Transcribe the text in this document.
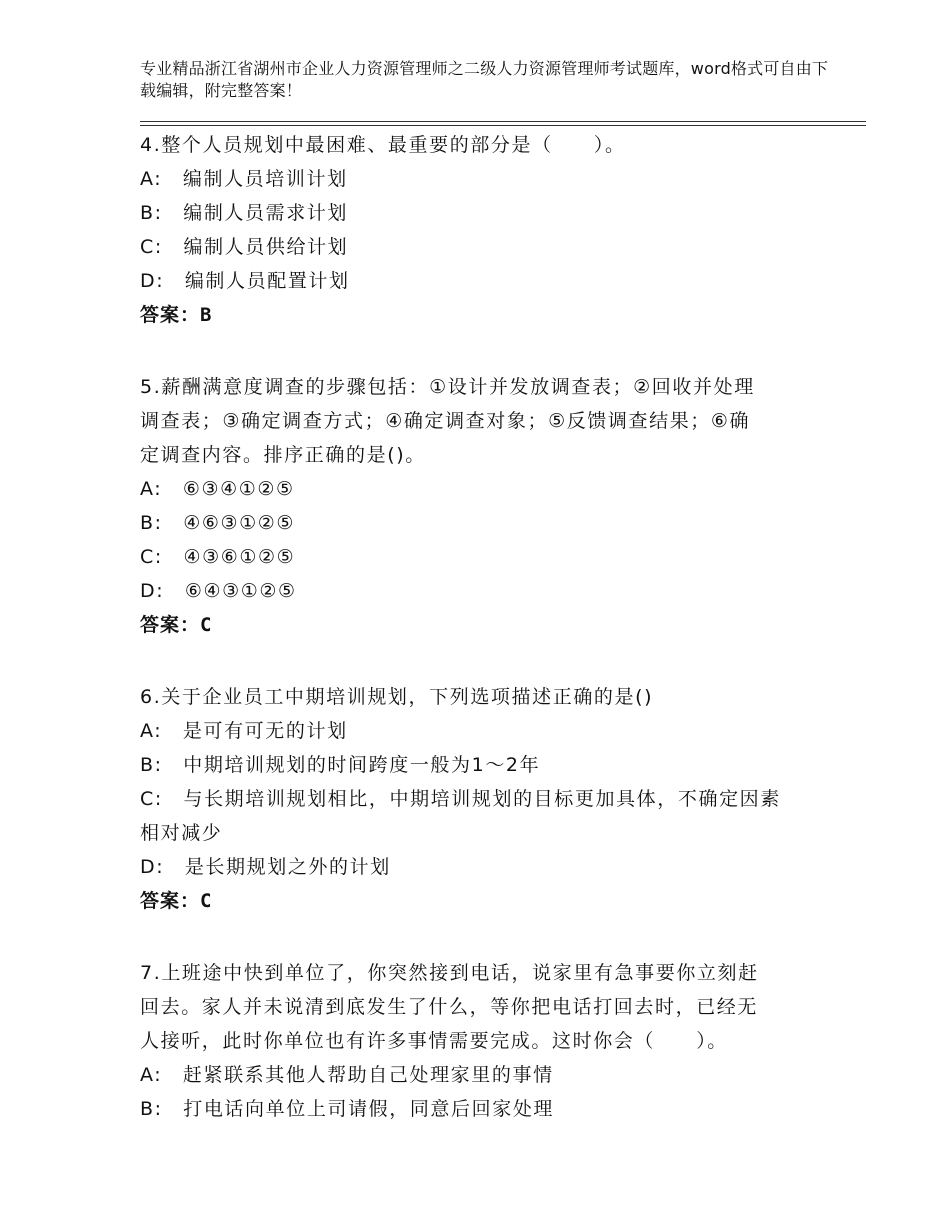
专业精品浙江省湖州市企业人力资源管理师之二级人力资源管理师考试题库，word格式可自由下载编辑，附完整答案！
4.整个人员规划中最困难、最重要的部分是（　　）。
A:　编制人员培训计划
B:　编制人员需求计划
C:　编制人员供给计划
D:　编制人员配置计划
答案：B
5.薪酬满意度调查的步骤包括：①设计并发放调查表；②回收并处理
调查表；③确定调查方式；④确定调查对象；⑤反馈调查结果；⑥确
定调查内容。排序正确的是()。
A:　⑥③④①②⑤
B:　④⑥③①②⑤
C:　④③⑥①②⑤
D:　⑥④③①②⑤
答案：C
6.关于企业员工中期培训规划，下列选项描述正确的是()
A:　是可有可无的计划
B:　中期培训规划的时间跨度一般为1～2年
C:　与长期培训规划相比，中期培训规划的目标更加具体，不确定因素
相对减少
D:　是长期规划之外的计划
答案：C
7.上班途中快到单位了，你突然接到电话，说家里有急事要你立刻赶
回去。家人并未说清到底发生了什么，等你把电话打回去时，已经无
人接听，此时你单位也有许多事情需要完成。这时你会（　　）。
A:　赶紧联系其他人帮助自己处理家里的事情
B:　打电话向单位上司请假，同意后回家处理
